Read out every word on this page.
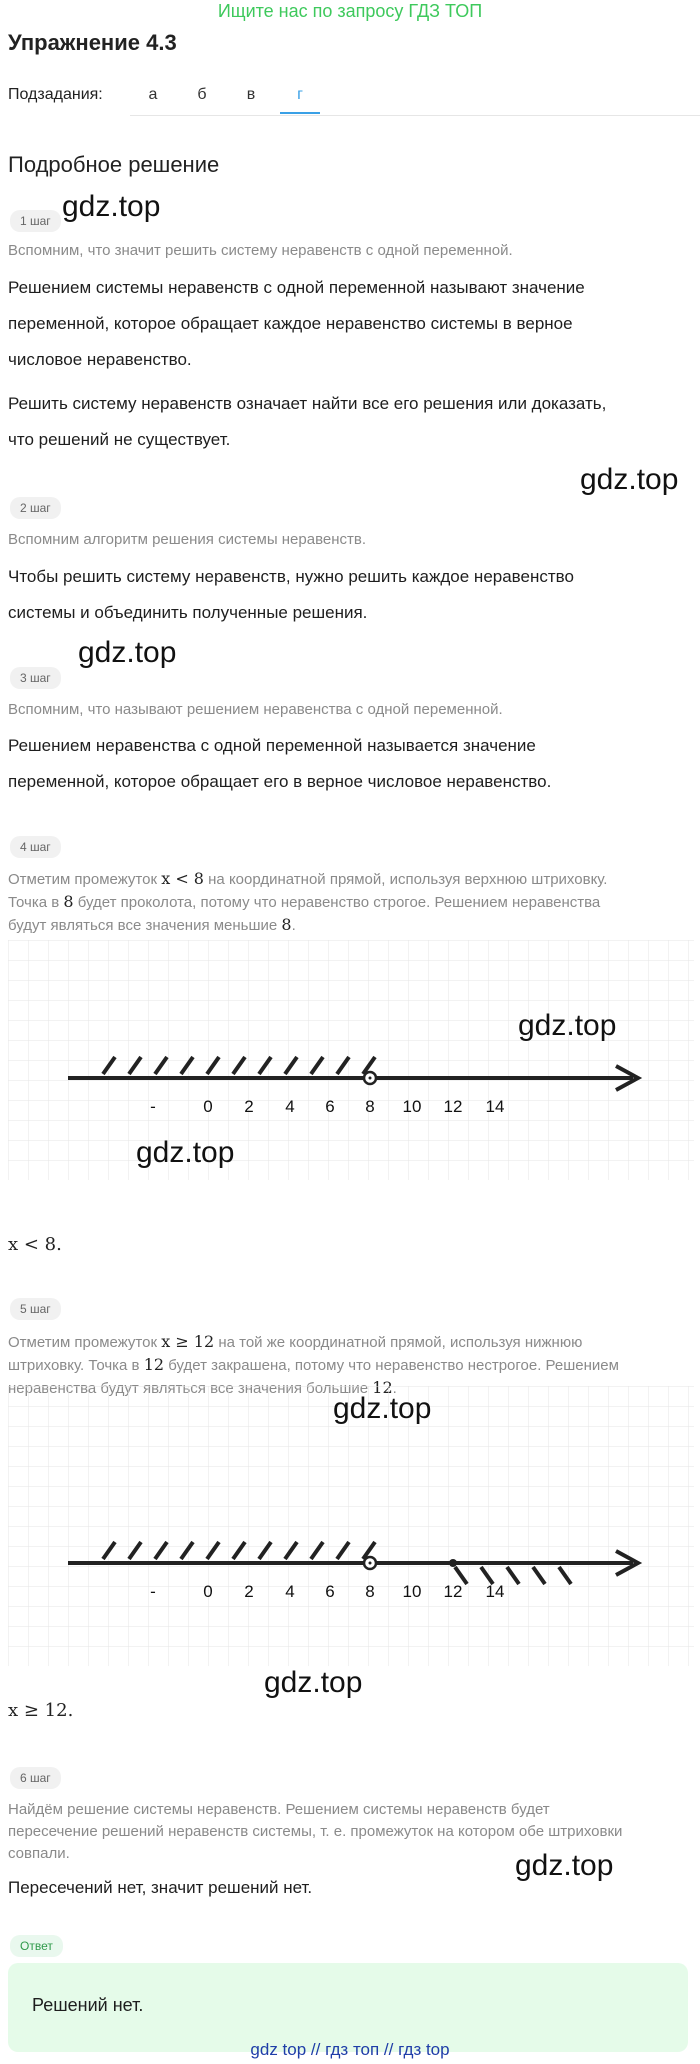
Ищите нас по запросу ГДЗ ТОП
Упражнение 4.3
Подзадания:	а	б	в	г
Подробное решение
1 шаг gdz.top
Вспомним, что значит решить систему неравенств с одной переменной.
Решением системы неравенств с одной переменной называют значение
переменной, которое обращает каждое неравенство системы в верное
числовое неравенство.
Решить систему неравенств означает найти все его решения или доказать,
что решений не существует.
gdz.top
2 шаг
Вспомним алгоритм решения системы неравенств.
Чтобы решить систему неравенств, нужно решить каждое неравенство
системы и объединить полученные решения.
gdz.top
3 шаг
Вспомним, что называют решением неравенства с одной переменной.
Решением неравенства с одной переменной называется значение
переменной, которое обращает его в верное числовое неравенство.
4 шаг
Отметим промежуток x < 8 на координатной прямой, используя верхнюю штриховку.
Точка в 8 будет проколота, потому что неравенство строгое. Решением неравенства
будут являться все значения меньшие 8.
-	0 2 4 6 8 10 12 14
gdz.top
gdz.top
x < 8.
5 шаг
Отметим промежуток x ≥ 12 на той же координатной прямой, используя нижнюю
штриховку. Точка в 12 будет закрашена, потому что неравенство нестрогое. Решением
-	0 2 4 6 8 10 12 14
gdz.top
gdz.top
x ≥ 12.
6 шаг
Найдём решение системы неравенств. Решением системы неравенств будет
пересечение решений неравенств системы, т. е. промежуток на котором обе штриховки
совпали.	gdz.top
Пересечений нет, значит решений нет.
Ответ
Решений нет.
gdz top // гдз топ // гдз top
